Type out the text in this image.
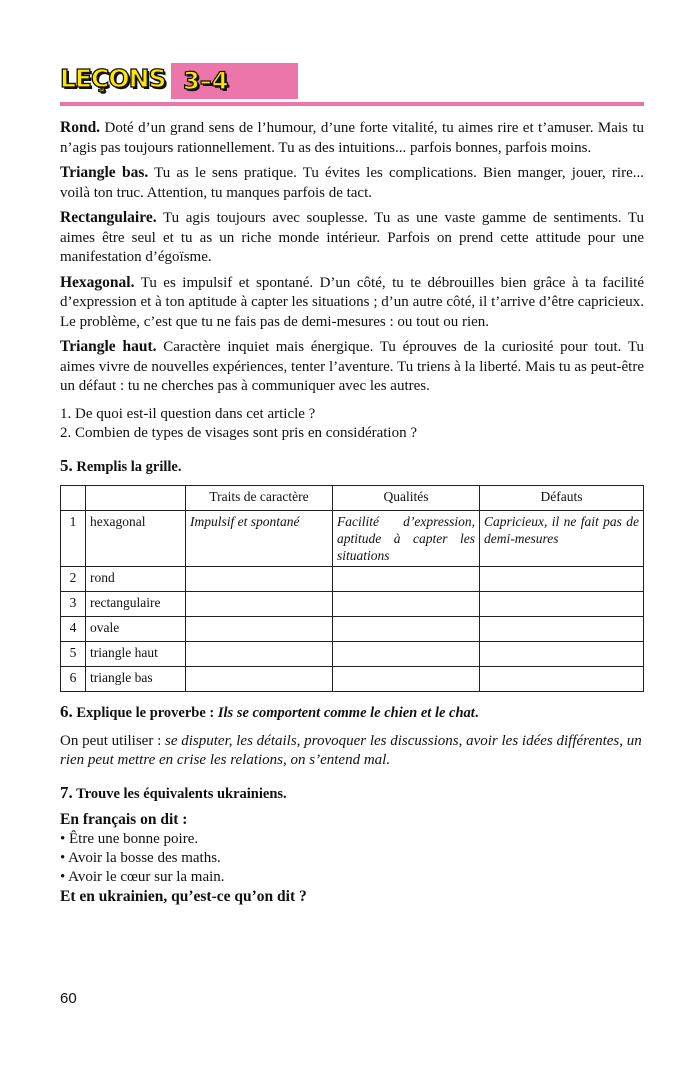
LEÇONS 3–4

Rond. Doté d’un grand sens de l’humour, d’une forte vitalité, tu aimes rire et t’amuser. Mais tu n’agis pas toujours rationnellement. Tu as des intuitions... parfois bonnes, parfois moins.

Triangle bas. Tu as le sens pratique. Tu évites les complications. Bien manger, jouer, rire... voilà ton truc. Attention, tu manques parfois de tact.

Rectangulaire. Tu agis toujours avec souplesse. Tu as une vaste gamme de sentiments. Tu aimes être seul et tu as un riche monde intérieur. Parfois on prend cette attitude pour une manifestation d’égoïsme.

Hexagonal. Tu es impulsif et spontané. D’un côté, tu te débrouilles bien grâce à ta facilité d’expression et à ton aptitude à capter les situations ; d’un autre côté, il t’arrive d’être capricieux. Le problème, c’est que tu ne fais pas de demi-mesures : ou tout ou rien.

Triangle haut. Caractère inquiet mais énergique. Tu éprouves de la curiosité pour tout. Tu aimes vivre de nouvelles expériences, tenter l’aventure. Tu triens à la liberté. Mais tu as peut-être un défaut : tu ne cherches pas à communiquer avec les autres.

1. De quoi est-il question dans cet article ?
2. Combien de types de visages sont pris en considération ?
5. Remplis la grille.
		Traits de caractère	Qualités	Défauts
1	hexagonal	Impulsif et spontané	Facilité d’expression, aptitude à capter les situations	Capricieux, il ne fait pas de demi-mesures
2	rond			
3	rectangulaire			
4	ovale			
5	triangle haut			
6	triangle bas			
6. Explique le proverbe : Ils se comportent comme le chien et le chat.

On peut utiliser : se disputer, les détails, provoquer les discussions, avoir les idées différentes, un rien peut mettre en crise les relations, on s’entend mal.

7. Trouve les équivalents ukrainiens.

En français on dit :

• Être une bonne poire.
• Avoir la bosse des maths.
• Avoir le cœur sur la main.

Et en ukrainien, qu’est-ce qu’on dit ?

60
